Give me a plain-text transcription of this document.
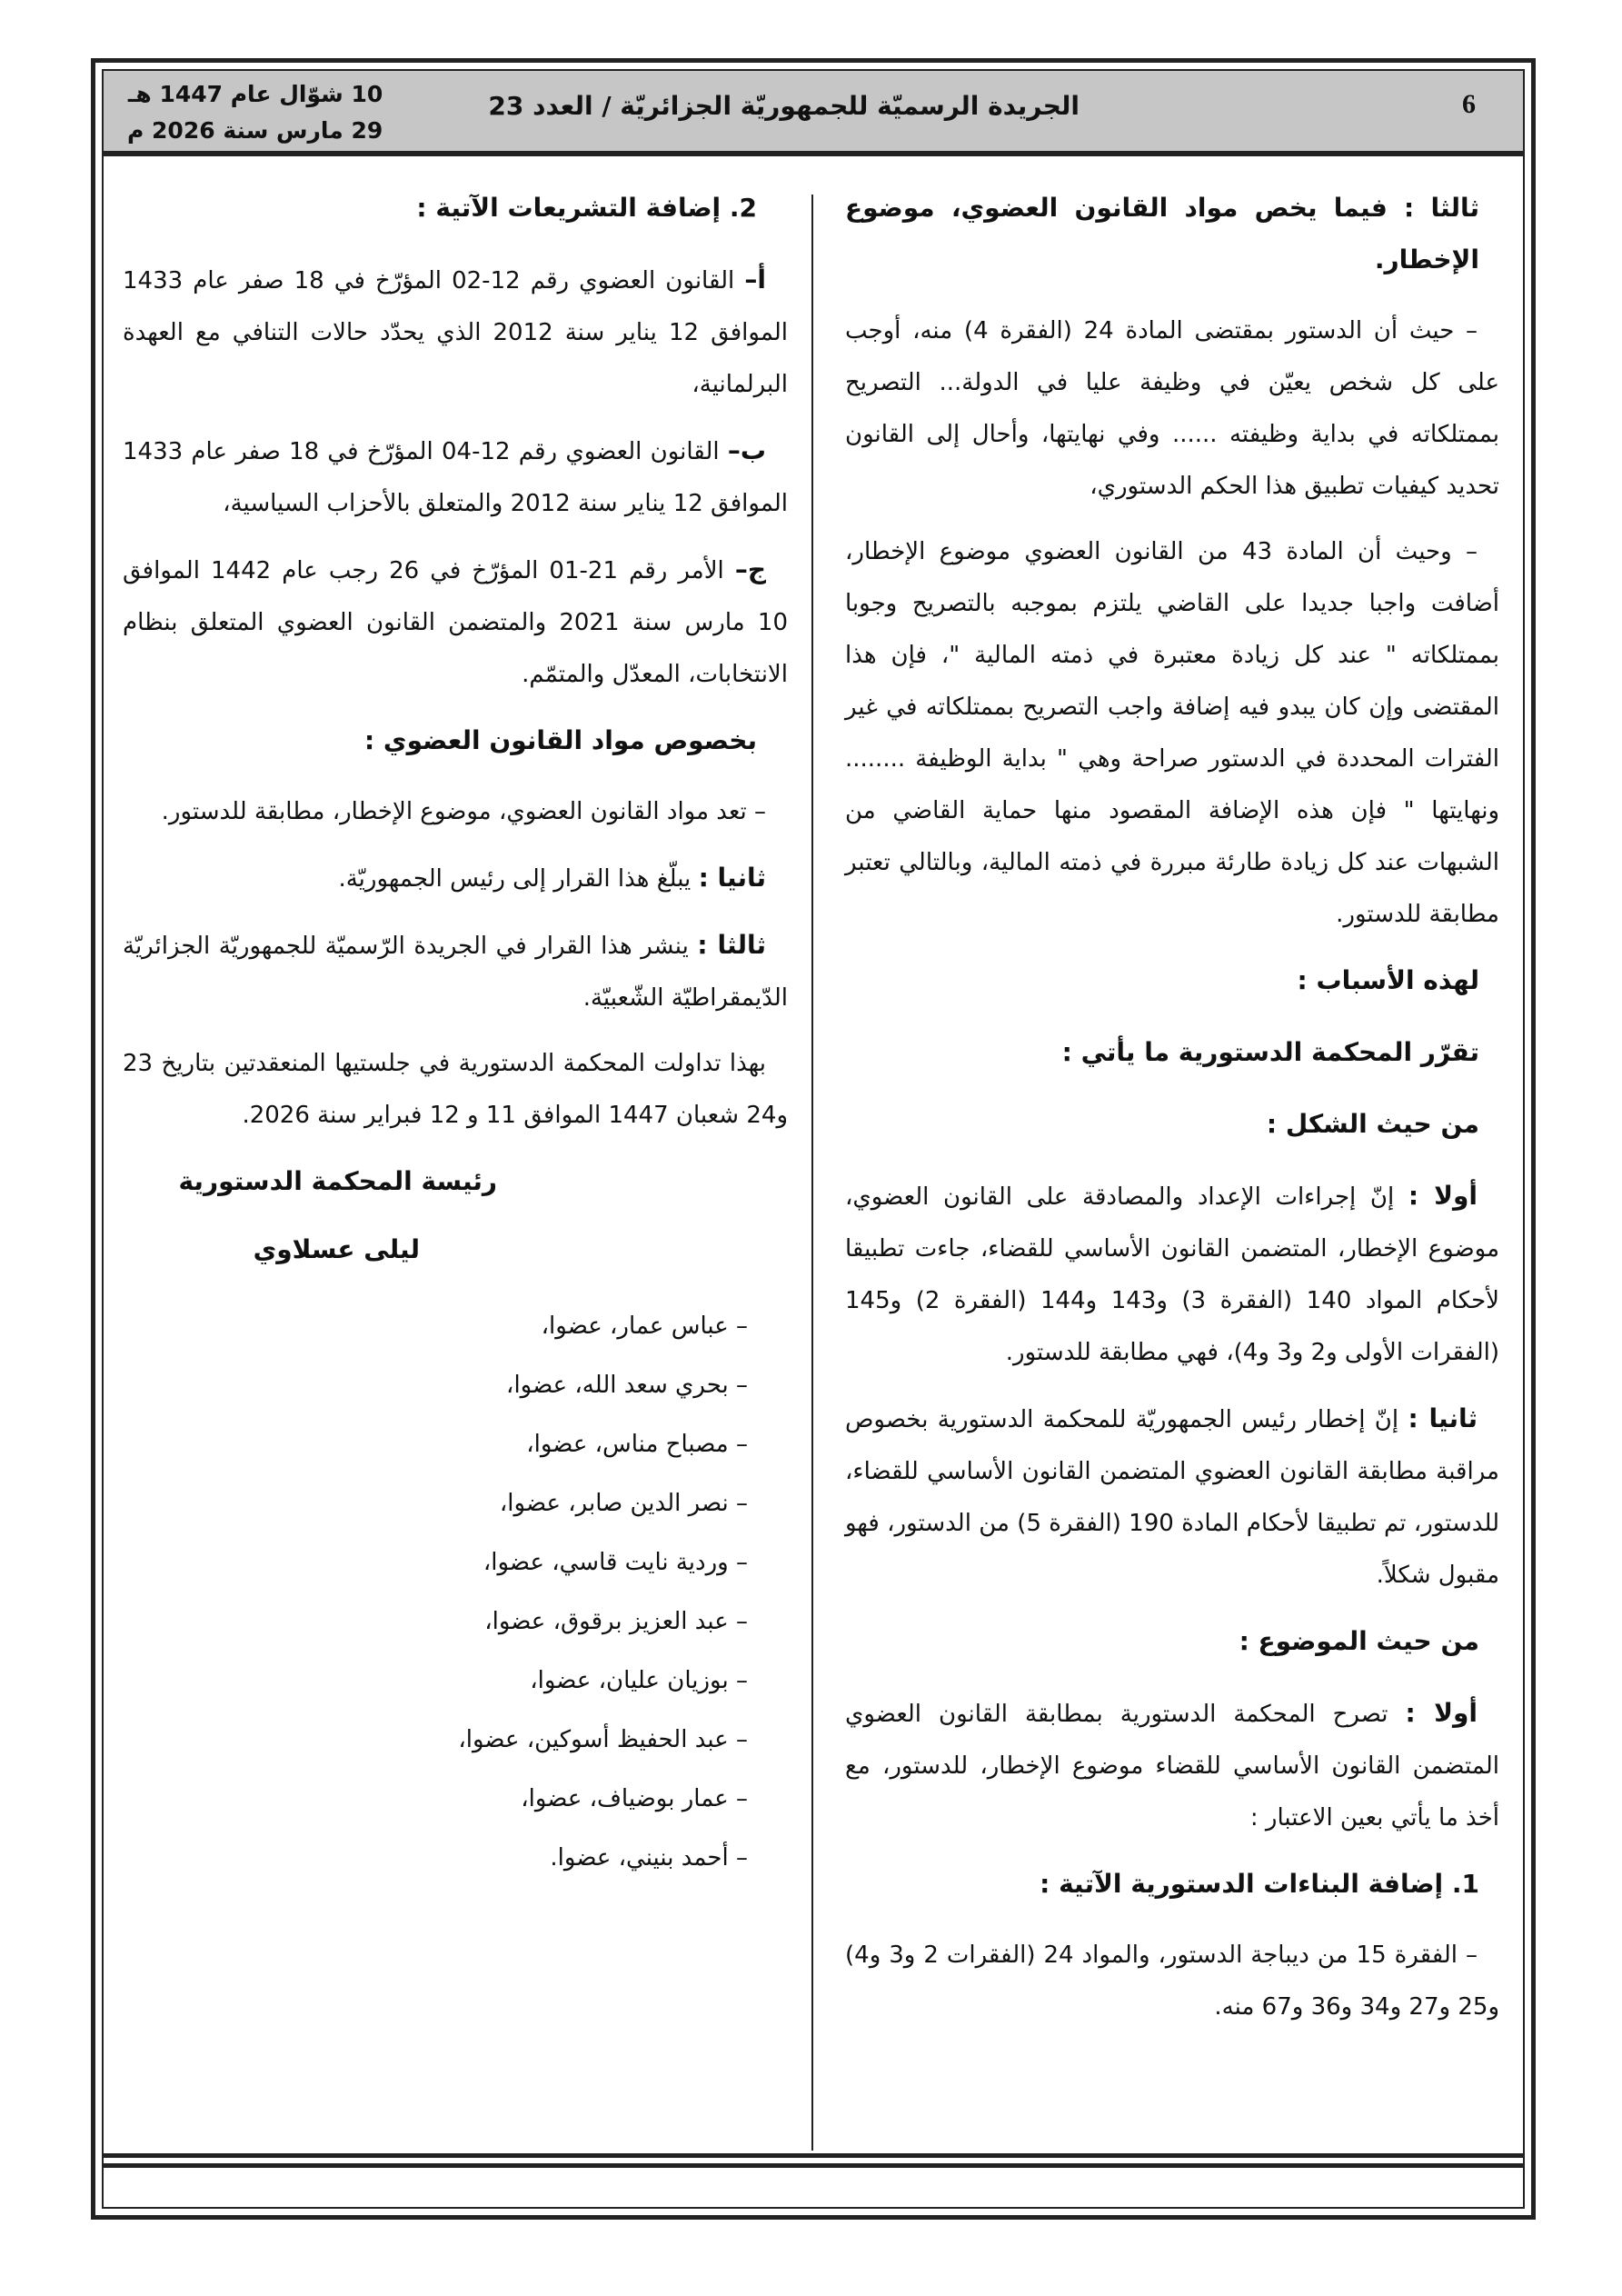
6
الجريدة الرسميّة للجمهوريّة الجزائريّة / العدد 23
10 شوّال عام 1447 هـ
29 مارس سنة 2026 م
ثالثا : فيما يخص مواد القانون العضوي، موضوع الإخطار.
– حيث أن الدستور بمقتضى المادة 24 (الفقرة 4) منه، أوجب على كل شخص يعيّن في وظيفة عليا في الدولة... التصريح بممتلكاته في بداية وظيفته ...... وفي نهايتها، وأحال إلى القانون تحديد كيفيات تطبيق هذا الحكم الدستوري،
– وحيث أن المادة 43 من القانون العضوي موضوع الإخطار، أضافت واجبا جديدا على القاضي يلتزم بموجبه بالتصريح وجوبا بممتلكاته " عند كل زيادة معتبرة في ذمته المالية "، فإن هذا المقتضى وإن كان يبدو فيه إضافة واجب التصريح بممتلكاته في غير الفترات المحددة في الدستور صراحة وهي " بداية الوظيفة ........ ونهايتها " فإن هذه الإضافة المقصود منها حماية القاضي من الشبهات عند كل زيادة طارئة مبررة في ذمته المالية، وبالتالي تعتبر مطابقة للدستور.
لهذه الأسباب :
تقرّر المحكمة الدستورية ما يأتي :
من حيث الشكل :
أولا : إنّ إجراءات الإعداد والمصادقة على القانون العضوي، موضوع الإخطار، المتضمن القانون الأساسي للقضاء، جاءت تطبيقا لأحكام المواد 140 (الفقرة 3) و143 و144 (الفقرة 2) و145 (الفقرات الأولى و2 و3 و4)، فهي مطابقة للدستور.
ثانيا : إنّ إخطار رئيس الجمهوريّة للمحكمة الدستورية بخصوص مراقبة مطابقة القانون العضوي المتضمن القانون الأساسي للقضاء، للدستور، تم تطبيقا لأحكام المادة 190 (الفقرة 5) من الدستور، فهو مقبول شكلاً.
من حيث الموضوع :
أولا : تصرح المحكمة الدستورية بمطابقة القانون العضوي المتضمن القانون الأساسي للقضاء موضوع الإخطار، للدستور، مع أخذ ما يأتي بعين الاعتبار :
1. إضافة البناءات الدستورية الآتية :
– الفقرة 15 من ديباجة الدستور، والمواد 24 (الفقرات 2 و3 و4) و25 و27 و34 و36 و67 منه.
2. إضافة التشريعات الآتية :
أ– القانون العضوي رقم 12-02 المؤرّخ في 18 صفر عام 1433 الموافق 12 يناير سنة 2012 الذي يحدّد حالات التنافي مع العهدة البرلمانية،
ب– القانون العضوي رقم 12-04 المؤرّخ في 18 صفر عام 1433 الموافق 12 يناير سنة 2012 والمتعلق بالأحزاب السياسية،
ج– الأمر رقم 21-01 المؤرّخ في 26 رجب عام 1442 الموافق 10 مارس سنة 2021 والمتضمن القانون العضوي المتعلق بنظام الانتخابات، المعدّل والمتمّم.
بخصوص مواد القانون العضوي :
– تعد مواد القانون العضوي، موضوع الإخطار، مطابقة للدستور.
ثانيا : يبلّغ هذا القرار إلى رئيس الجمهوريّة.
ثالثا : ينشر هذا القرار في الجريدة الرّسميّة للجمهوريّة الجزائريّة الدّيمقراطيّة الشّعبيّة.
بهذا تداولت المحكمة الدستورية في جلستيها المنعقدتين بتاريخ 23 و24 شعبان 1447 الموافق 11 و 12 فبراير سنة 2026.
رئيسة المحكمة الدستورية
ليلى عسلاوي
– عباس عمار، عضوا،
– بحري سعد الله، عضوا،
– مصباح مناس، عضوا،
– نصر الدين صابر، عضوا،
– وردية نايت قاسي، عضوا،
– عبد العزيز برقوق، عضوا،
– بوزيان عليان، عضوا،
– عبد الحفيظ أسوكين، عضوا،
– عمار بوضياف، عضوا،
– أحمد بنيني، عضوا.
